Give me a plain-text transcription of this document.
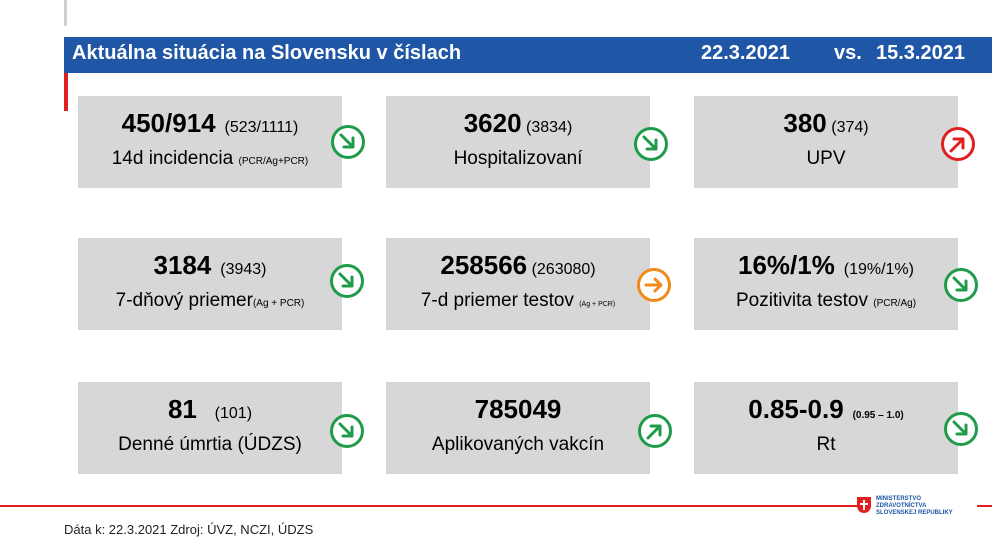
Aktuálna situácia na Slovensku v číslach	22.3.2021 vs. 15.3.2021
450/914 (523/1111)
14d incidencia (PCR/Ag+PCR)
3620 (3834)
Hospitalizovaní
380 (374)
UPV
3184 (3943)
7-dňový priemer(Ag + PCR)
258566 (263080)
7-d priemer testov (Ag + PCR)
16%/1% (19%/1%)
Pozitivita testov (PCR/Ag)
81 (101)
Denné úmrtia (ÚDZS)
785049
Aplikovaných vakcín
0.85-0.9 (0.95 – 1.0)
Rt
MINISTERSTVO
ZDRAVOTNÍCTVA
SLOVENSKEJ REPUBLIKY
Dáta k: 22.3.2021 Zdroj: ÚVZ, NCZI, ÚDZS
